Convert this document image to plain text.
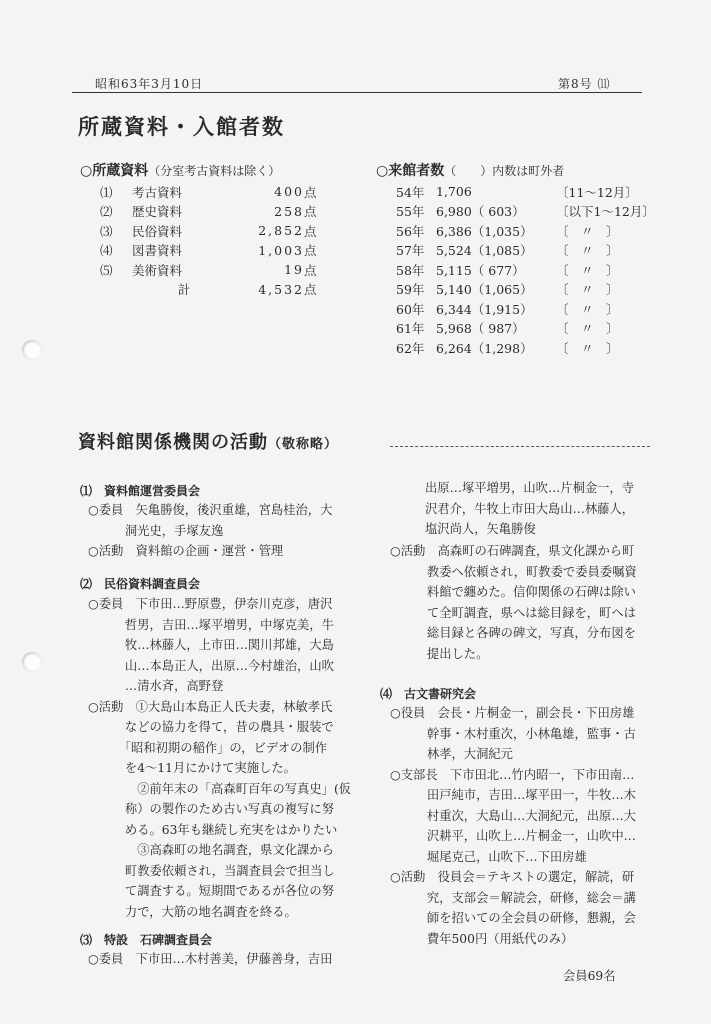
昭和63年3月10日	第8号 ⑾
所蔵資料・入館者数
○所蔵資料（分室考古資料は除く）
⑴	考古資料	400 点
⑵	歴史資料	258 点
⑶	民俗資料	2,852 点
⑷	図書資料	1,003 点
⑸	美術資料	19 点
計	4,532 点
○来館者数（　　）内数は町外者
54年 1,706	〔11～12月〕
55年 6,980（ 603）	〔以下1～12月〕
56年 6,386（1,035）	〔　〃　〕
57年 5,524（1,085）	〔　〃　〕
58年 5,115（ 677）	〔　〃　〕
59年 5,140（1,065）	〔　〃　〕
60年 6,344（1,915）	〔　〃　〕
61年 5,968（ 987）	〔　〃　〕
62年 6,264（1,298）	〔　〃　〕
資料館関係機関の活動（敬称略）
⑴　資料館運営委員会
○委員　矢亀勝俊，後沢重雄，宮島桂治，大
　　　洞光史，手塚友逸
○活動　資料館の企画・運営・管理
⑵　民俗資料調査員会
○委員　下市田…野原豊，伊奈川克彦，唐沢
　　　哲男，吉田…塚平増男，中塚克美，牛
　　　牧…林藤人，上市田…関川邦雄，大島
　　　山…本島正人，出原…今村雄治，山吹
　　　…清水斉，高野登
○活動　①大島山本島正人氏夫妻，林敏孝氏
　　　などの協力を得て，昔の農具・服装で
　　　「昭和初期の稲作」の，ビデオの制作
　　　を4～11月にかけて実施した。
　　　　②前年末の「高森町百年の写真史」(仮
　　　称）の製作のため古い写真の複写に努
　　　める。63年も継続し充実をはかりたい
　　　　③高森町の地名調査，県文化課から
　　　町教委依頼され，当調査員会で担当し
　　　て調査する。短期間であるが各位の努
　　　力で，大筋の地名調査を終る。
⑶　特設　石碑調査員会
○委員　下市田…木村善美，伊藤善身，吉田
出原…塚平増男，山吹…片桐金一，寺
沢君介，牛牧上市田大島山…林藤人，
塩沢尚人，矢亀勝俊
○活動　高森町の石碑調査，県文化課から町
　　　教委へ依頼され，町教委で委員委嘱資
　　　料館で纏めた。信仰関係の石碑は除い
　　　て全町調査，県へは総目録を，町へは
　　　総目録と各碑の碑文，写真，分布図を
　　　提出した。
⑷　古文書研究会
○役員　会長・片桐金一，副会長・下田房雄
　　　幹事・木村重次，小林亀雄，監事・古
　　　林孝，大洞紀元
○支部長　下市田北…竹内昭一，下市田南…
　　　田戸純市，吉田…塚平田一，牛牧…木
　　　村重次，大島山…大洞紀元，出原…大
　　　沢耕平，山吹上…片桐金一，山吹中…
　　　堀尾克己，山吹下…下田房雄
○活動　役員会＝テキストの選定，解読，研
　　　究，支部会＝解読会，研修，総会＝講
　　　師を招いての全会員の研修，懇親，会
　　　費年500円（用紙代のみ）
会員69名
